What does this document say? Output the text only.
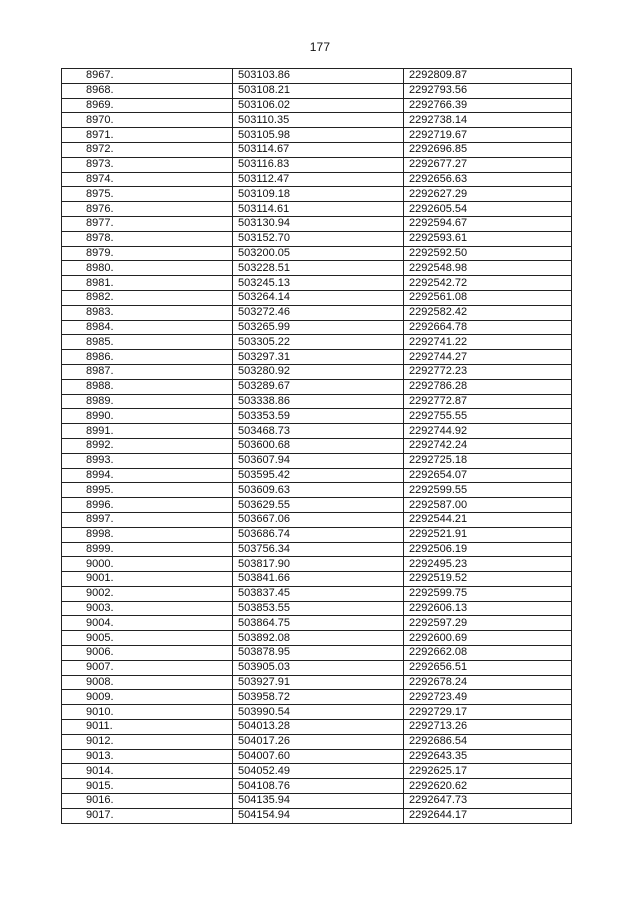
177
8967.	503103.86	2292809.87
8968.	503108.21	2292793.56
8969.	503106.02	2292766.39
8970.	503110.35	2292738.14
8971.	503105.98	2292719.67
8972.	503114.67	2292696.85
8973.	503116.83	2292677.27
8974.	503112.47	2292656.63
8975.	503109.18	2292627.29
8976.	503114.61	2292605.54
8977.	503130.94	2292594.67
8978.	503152.70	2292593.61
8979.	503200.05	2292592.50
8980.	503228.51	2292548.98
8981.	503245.13	2292542.72
8982.	503264.14	2292561.08
8983.	503272.46	2292582.42
8984.	503265.99	2292664.78
8985.	503305.22	2292741.22
8986.	503297.31	2292744.27
8987.	503280.92	2292772.23
8988.	503289.67	2292786.28
8989.	503338.86	2292772.87
8990.	503353.59	2292755.55
8991.	503468.73	2292744.92
8992.	503600.68	2292742.24
8993.	503607.94	2292725.18
8994.	503595.42	2292654.07
8995.	503609.63	2292599.55
8996.	503629.55	2292587.00
8997.	503667.06	2292544.21
8998.	503686.74	2292521.91
8999.	503756.34	2292506.19
9000.	503817.90	2292495.23
9001.	503841.66	2292519.52
9002.	503837.45	2292599.75
9003.	503853.55	2292606.13
9004.	503864.75	2292597.29
9005.	503892.08	2292600.69
9006.	503878.95	2292662.08
9007.	503905.03	2292656.51
9008.	503927.91	2292678.24
9009.	503958.72	2292723.49
9010.	503990.54	2292729.17
9011.	504013.28	2292713.26
9012.	504017.26	2292686.54
9013.	504007.60	2292643.35
9014.	504052.49	2292625.17
9015.	504108.76	2292620.62
9016.	504135.94	2292647.73
9017.	504154.94	2292644.17
